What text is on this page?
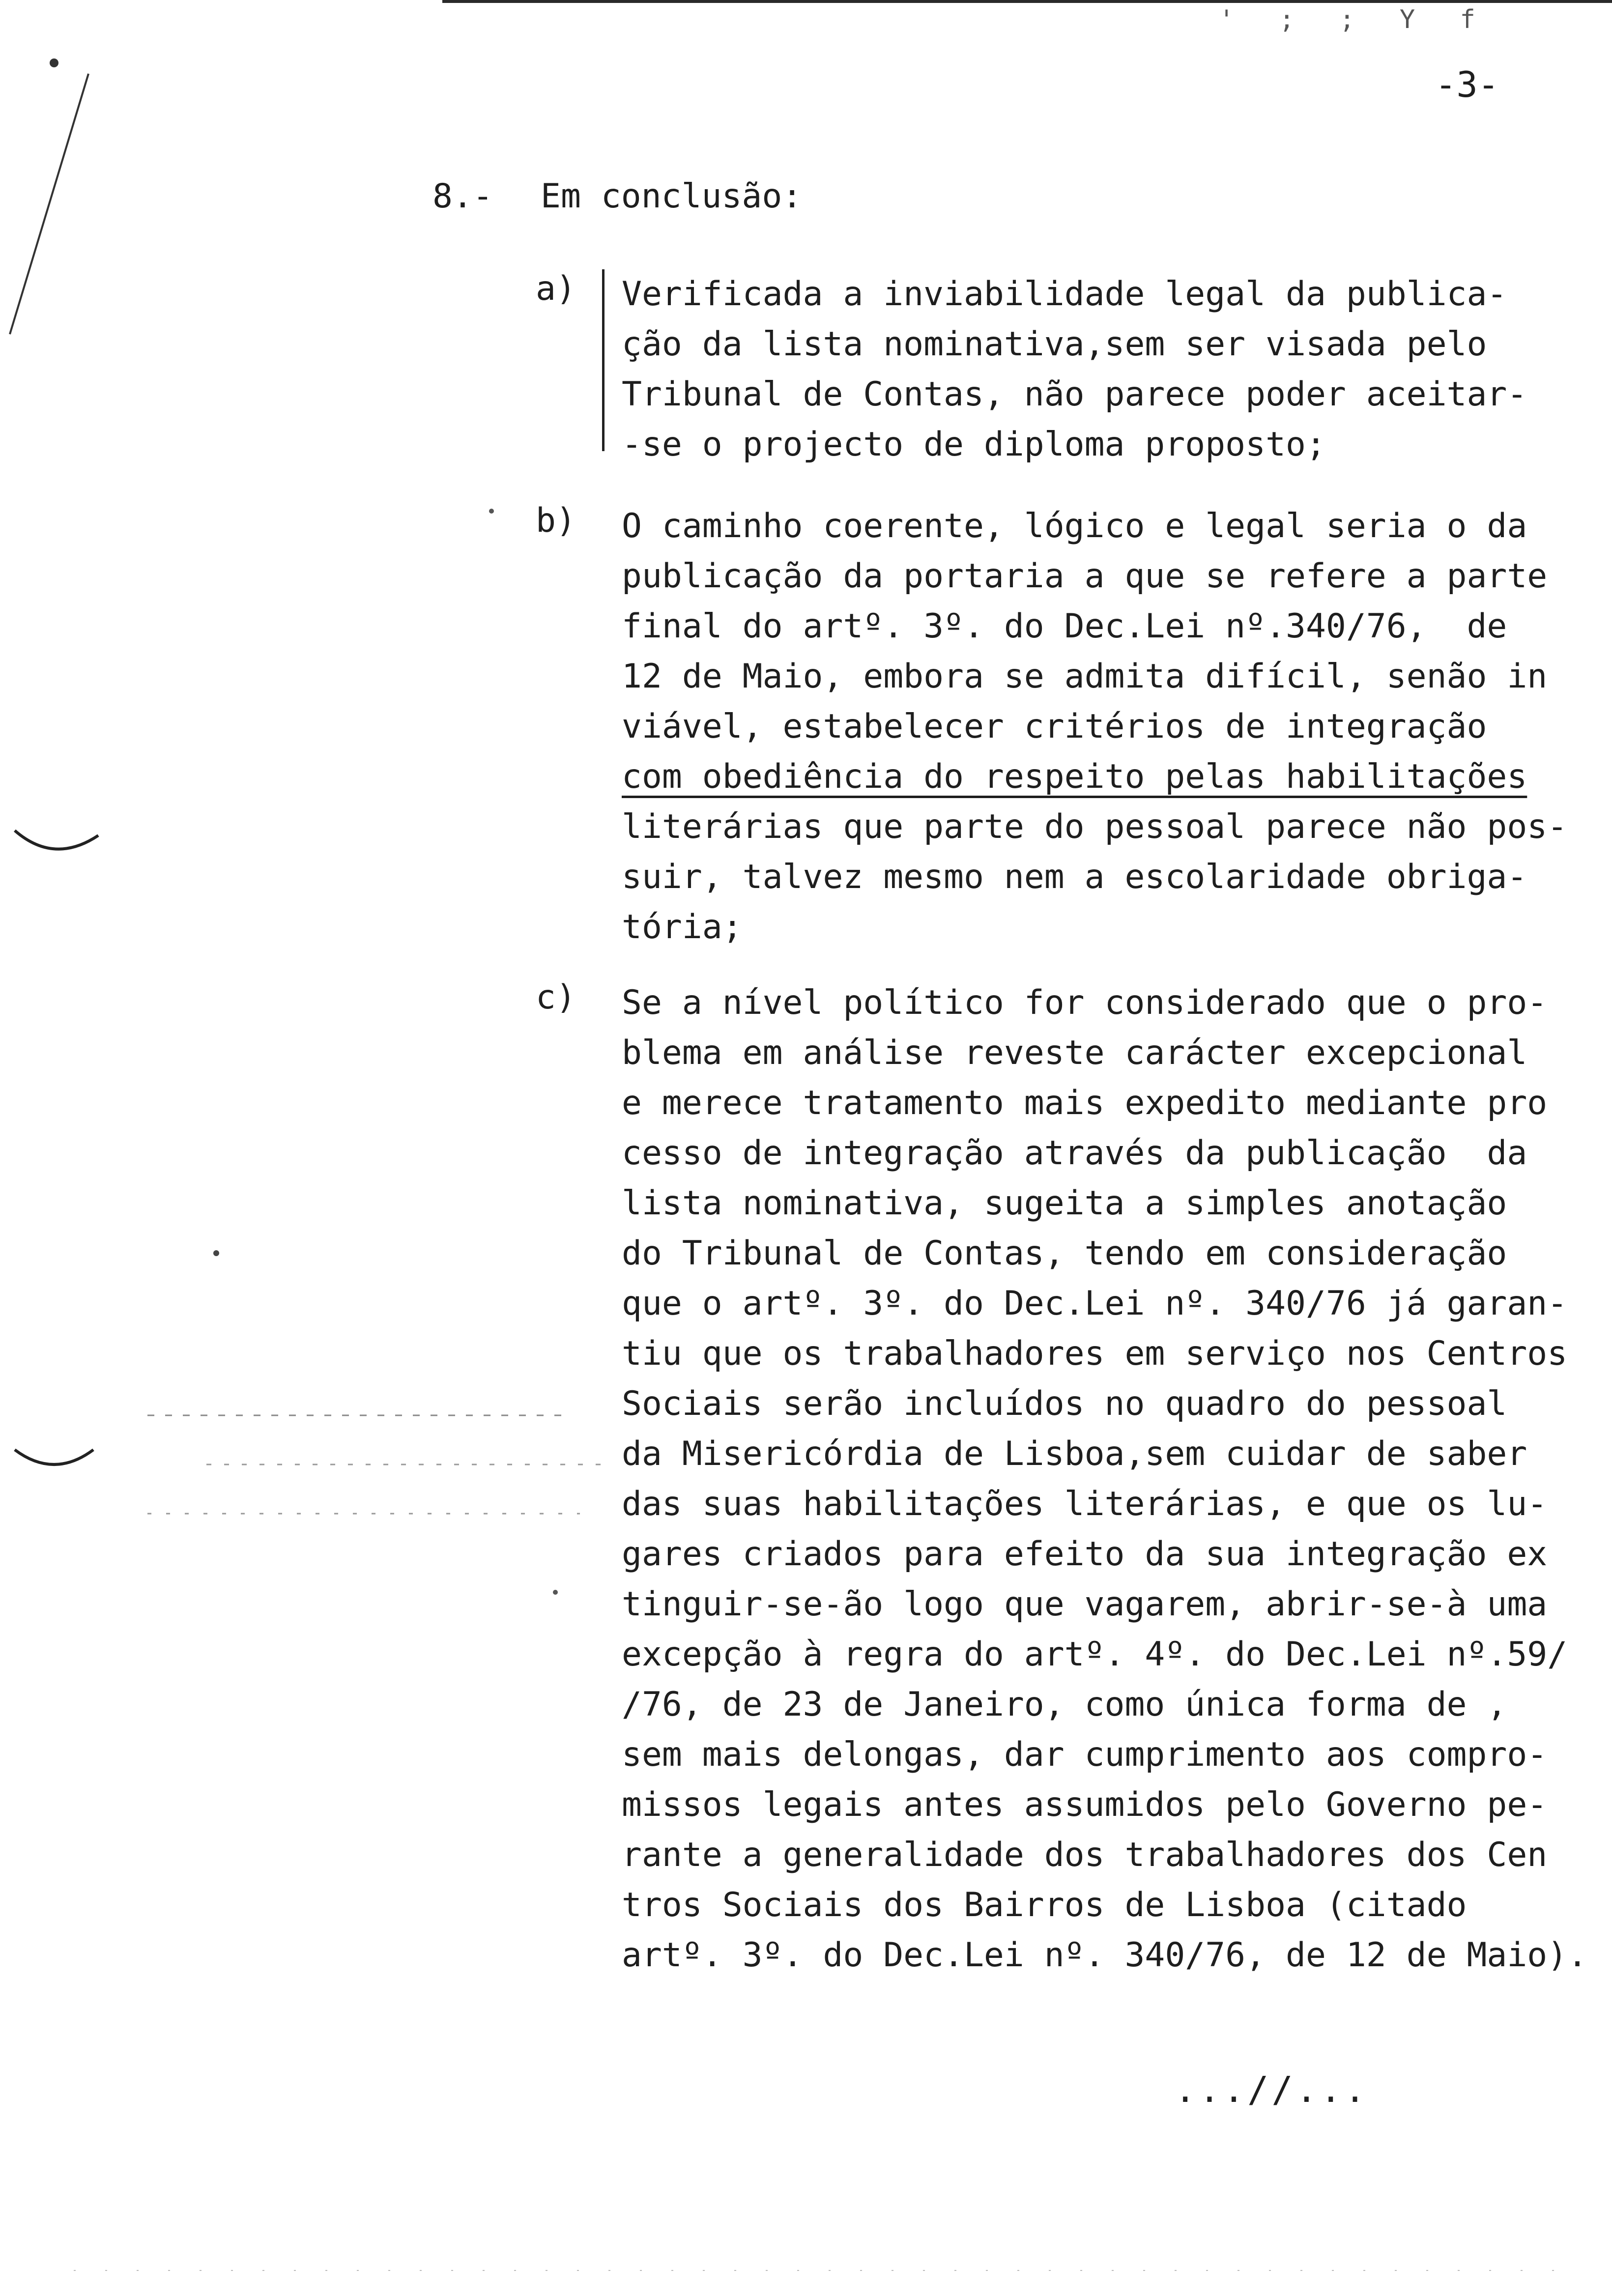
' ; ; Y f
-3-
8.- Em conclusão:
a) Verificada a inviabilidade legal da publica-
ção da lista nominativa,sem ser visada pelo
Tribunal de Contas, não parece poder aceitar-
-se o projecto de diploma proposto;
b) O caminho coerente, lógico e legal seria o da
publicação da portaria a que se refere a parte
final do artº. 3º. do Dec.Lei nº.340/76,  de
12 de Maio, embora se admita difícil, senão in
viável, estabelecer critérios de integração
com obediência do respeito pelas habilitações
literárias que parte do pessoal parece não pos-
suir, talvez mesmo nem a escolaridade obriga-
tória;
c) Se a nível político for considerado que o pro-
blema em análise reveste carácter excepcional
e merece tratamento mais expedito mediante pro
cesso de integração através da publicação  da
lista nominativa, sugeita a simples anotação
do Tribunal de Contas, tendo em consideração
que o artº. 3º. do Dec.Lei nº. 340/76 já garan-
tiu que os trabalhadores em serviço nos Centros
Sociais serão incluídos no quadro do pessoal
da Misericórdia de Lisboa,sem cuidar de saber
das suas habilitações literárias, e que os lu-
gares criados para efeito da sua integração ex
tinguir-se-ão logo que vagarem, abrir-se-à uma
excepção à regra do artº. 4º. do Dec.Lei nº.59/
/76, de 23 de Janeiro, como única forma de ,
sem mais delongas, dar cumprimento aos compro-
missos legais antes assumidos pelo Governo pe-
rante a generalidade dos trabalhadores dos Cen
tros Sociais dos Bairros de Lisboa (citado
artº. 3º. do Dec.Lei nº. 340/76, de 12 de Maio).
...//...
